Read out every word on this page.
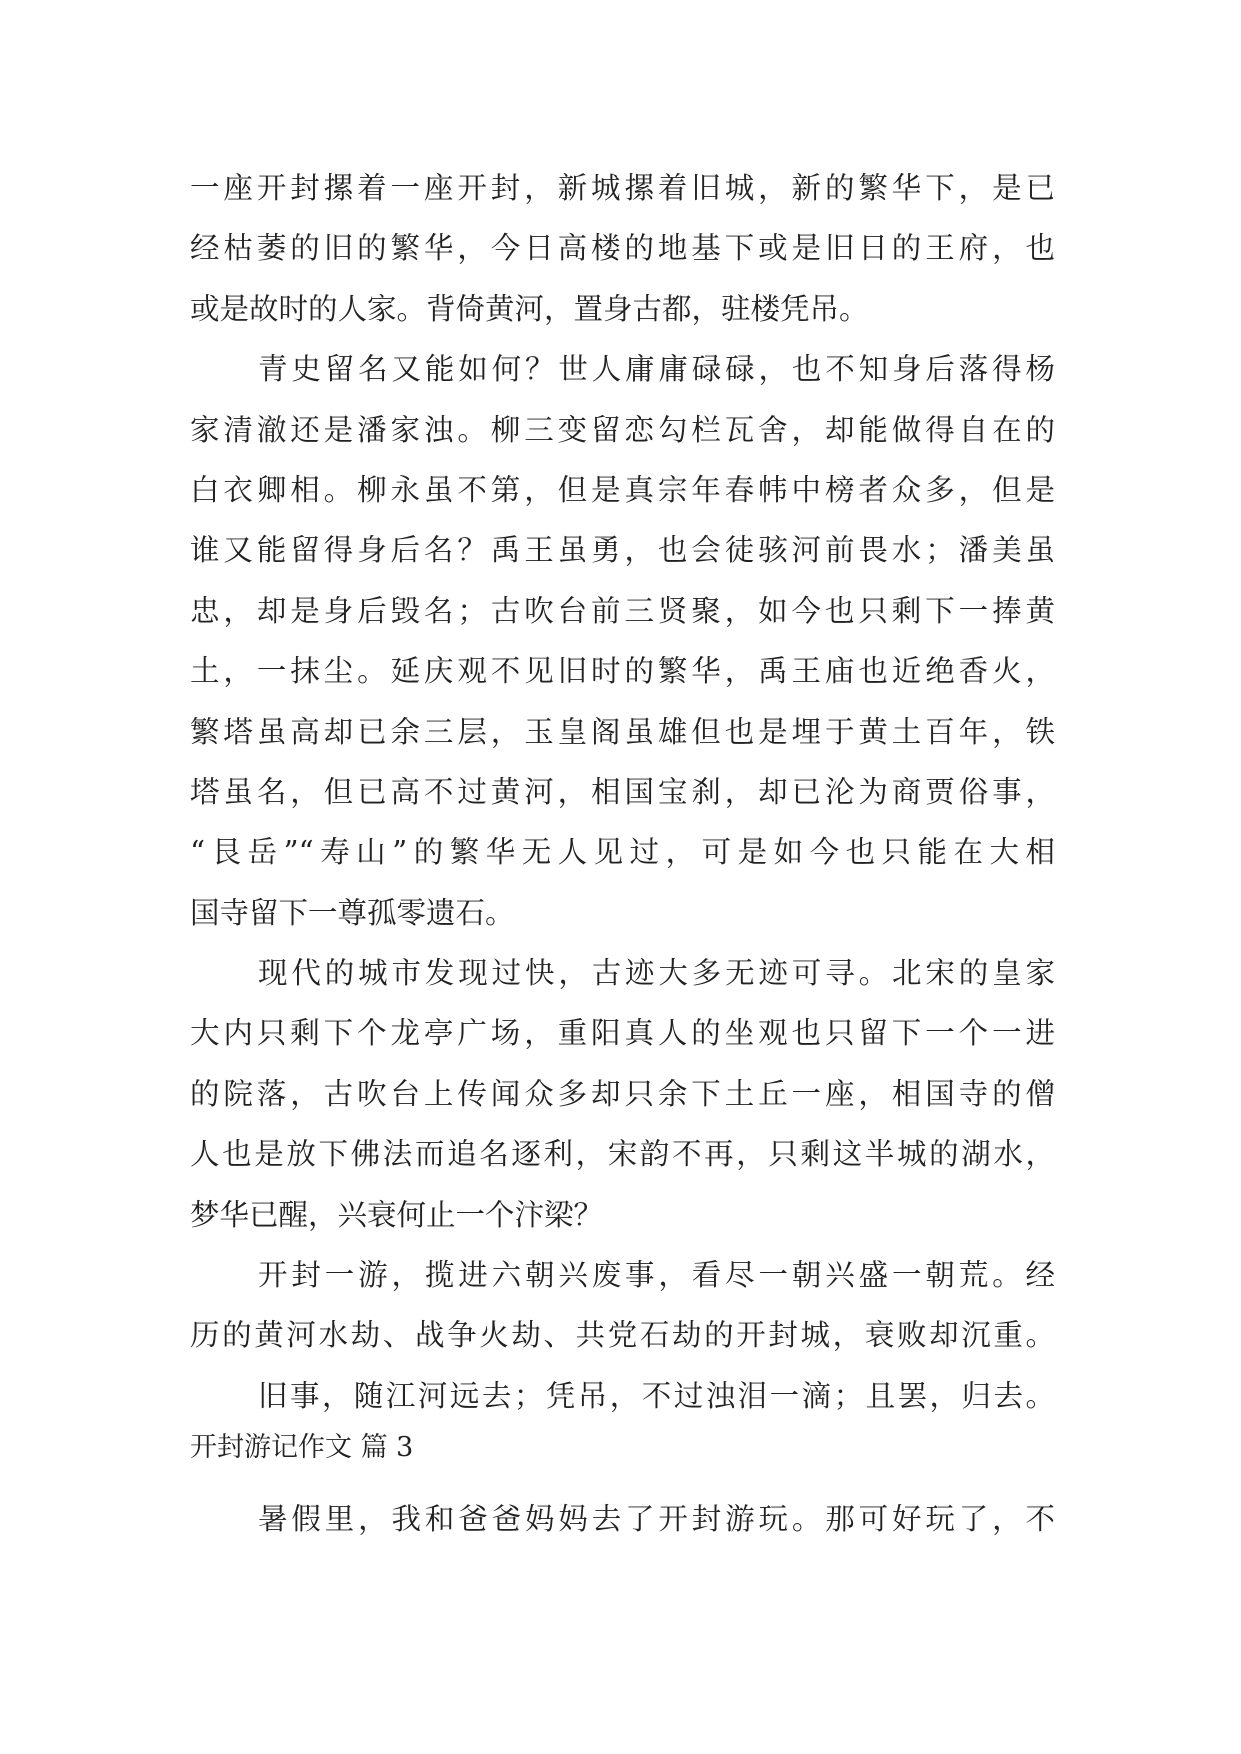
一座开封摞着一座开封，新城摞着旧城，新的繁华下，是已
经枯萎的旧的繁华，今日高楼的地基下或是旧日的王府，也
或是故时的人家。背倚黄河，置身古都，驻楼凭吊。
青史留名又能如何？世人庸庸碌碌，也不知身后落得杨
家清澈还是潘家浊。柳三变留恋勾栏瓦舍，却能做得自在的
白衣卿相。柳永虽不第，但是真宗年春帏中榜者众多，但是
谁又能留得身后名？禹王虽勇，也会徒骇河前畏水；潘美虽
忠，却是身后毁名；古吹台前三贤聚，如今也只剩下一捧黄
土，一抹尘。延庆观不见旧时的繁华，禹王庙也近绝香火，
繁塔虽高却已余三层，玉皇阁虽雄但也是埋于黄土百年，铁
塔虽名，但已高不过黄河，相国宝刹，却已沦为商贾俗事，
“艮岳”“寿山”的繁华无人见过，可是如今也只能在大相
国寺留下一尊孤零遗石。
现代的城市发现过快，古迹大多无迹可寻。北宋的皇家
大内只剩下个龙亭广场，重阳真人的坐观也只留下一个一进
的院落，古吹台上传闻众多却只余下土丘一座，相国寺的僧
人也是放下佛法而追名逐利，宋韵不再，只剩这半城的湖水，
梦华已醒，兴衰何止一个汴梁？
开封一游，揽进六朝兴废事，看尽一朝兴盛一朝荒。经
历的黄河水劫、战争火劫、共党石劫的开封城，衰败却沉重。
旧事，随江河远去；凭吊，不过浊泪一滴；且罢，归去。
开封游记作文 篇 3
暑假里，我和爸爸妈妈去了开封游玩。那可好玩了，不
